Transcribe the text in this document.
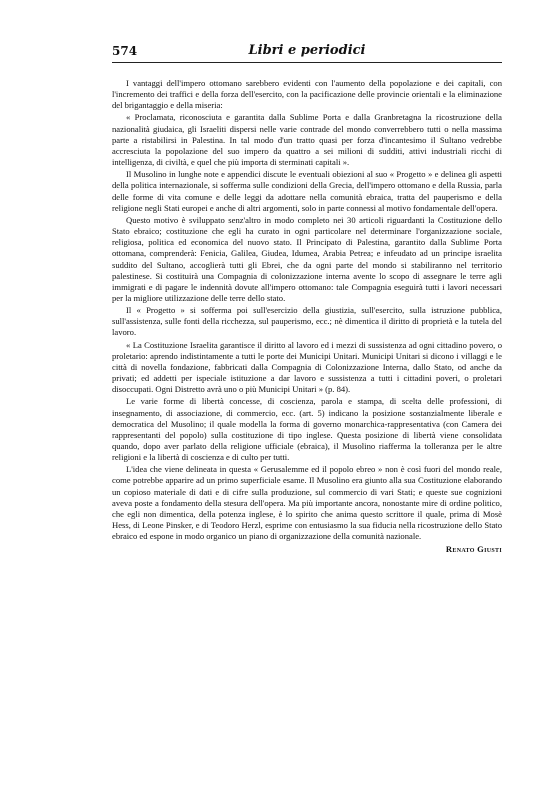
574	Libri e periodici

I vantaggi dell'impero ottomano sarebbero evidenti con l'aumento della popolazione e dei capitali, con l'incremento dei traffici e della forza dell'esercito, con la pacificazione delle provincie orientali e la eliminazione del brigantaggio e della miseria:

« Proclamata, riconosciuta e garantita dalla Sublime Porta e dalla Granbretagna la ricostruzione della nazionalità giudaica, gli Israeliti dispersi nelle varie contrade del mondo converrebbero tutti o nella massima parte a ristabilirsi in Palestina. In tal modo d'un tratto quasi per forza d'incantesimo il Sultano vedrebbe accresciuta la popolazione del suo impero da quattro a sei milioni di sudditi, attivi industriali ricchi di intelligenza, di civiltà, e quel che più importa di sterminati capitali ».

Il Musolino in lunghe note e appendici discute le eventuali obiezioni al suo « Progetto » e delinea gli aspetti della politica internazionale, si sofferma sulle condizioni della Grecia, dell'impero ottomano e della Russia, parla delle forme di vita comune e delle leggi da adottare nella comunità ebraica, tratta del pauperismo e della religione negli Stati europei e anche di altri argomenti, solo in parte connessi al motivo fondamentale dell'opera.

Questo motivo è sviluppato senz'altro in modo completo nei 30 articoli riguardanti la Costituzione dello Stato ebraico; costituzione che egli ha curato in ogni particolare nel determinare l'organizzazione sociale, religiosa, politica ed economica del nuovo stato. Il Principato di Palestina, garantito dalla Sublime Porta ottomana, comprenderà: Fenicia, Galilea, Giudea, Idumea, Arabia Petrea; e infeudato ad un principe israelita suddito del Sultano, accoglierà tutti gli Ebrei, che da ogni parte del mondo si stabiliranno nel territorio palestinese. Si costituirà una Compagnia di colonizzazione interna avente lo scopo di assegnare le terre agli immigrati e di pagare le indennità dovute all'impero ottomano: tale Compagnia eseguirà tutti i lavori necessari per la migliore utilizzazione delle terre dello stato.

Il « Progetto » si sofferma poi sull'esercizio della giustizia, sull'esercito, sulla istruzione pubblica, sull'assistenza, sulle fonti della ricchezza, sul pauperismo, ecc.; nè dimentica il diritto di proprietà e la tutela del lavoro.

« La Costituzione Israelita garantisce il diritto al lavoro ed i mezzi di sussistenza ad ogni cittadino povero, o proletario: aprendo indistintamente a tutti le porte dei Municipi Unitari. Municipi Unitari si dicono i villaggi e le città di novella fondazione, fabbricati dalla Compagnia di Colonizzazione Interna, dallo Stato, od anche da privati; ed addetti per ispeciale istituzione a dar lavoro e sussistenza a tutti i cittadini poveri, o proletari disoccupati. Ogni Distretto avrà uno o più Municipi Unitari » (p. 84).

Le varie forme di libertà concesse, di coscienza, parola e stampa, di scelta delle professioni, di insegnamento, di associazione, di commercio, ecc. (art. 5) indicano la posizione sostanzialmente liberale e democratica del Musolino; il quale modella la forma di governo monarchica-rappresentativa (con Camera dei rappresentanti del popolo) sulla costituzione di tipo inglese. Questa posizione di libertà viene consolidata quando, dopo aver parlato della religione ufficiale (ebraica), il Musolino riafferma la tolleranza per le altre religioni e la libertà di coscienza e di culto per tutti.

L'idea che viene delineata in questa « Gerusalemme ed il popolo ebreo » non è così fuori del mondo reale, come potrebbe apparire ad un primo superficiale esame. Il Musolino era giunto alla sua Costituzione elaborando un copioso materiale di dati e di cifre sulla produzione, sul commercio di vari Stati; e queste sue cognizioni aveva poste a fondamento della stesura dell'opera. Ma più importante ancora, nonostante mire di ordine politico, che egli non dimentica, della potenza inglese, è lo spirito che anima questo scrittore il quale, prima di Mosè Hess, di Leone Pinsker, e di Teodoro Herzl, esprime con entusiasmo la sua fiducia nella ricostruzione dello Stato ebraico ed espone in modo organico un piano di organizzazione della comunità nazionale.

Renato Giusti
